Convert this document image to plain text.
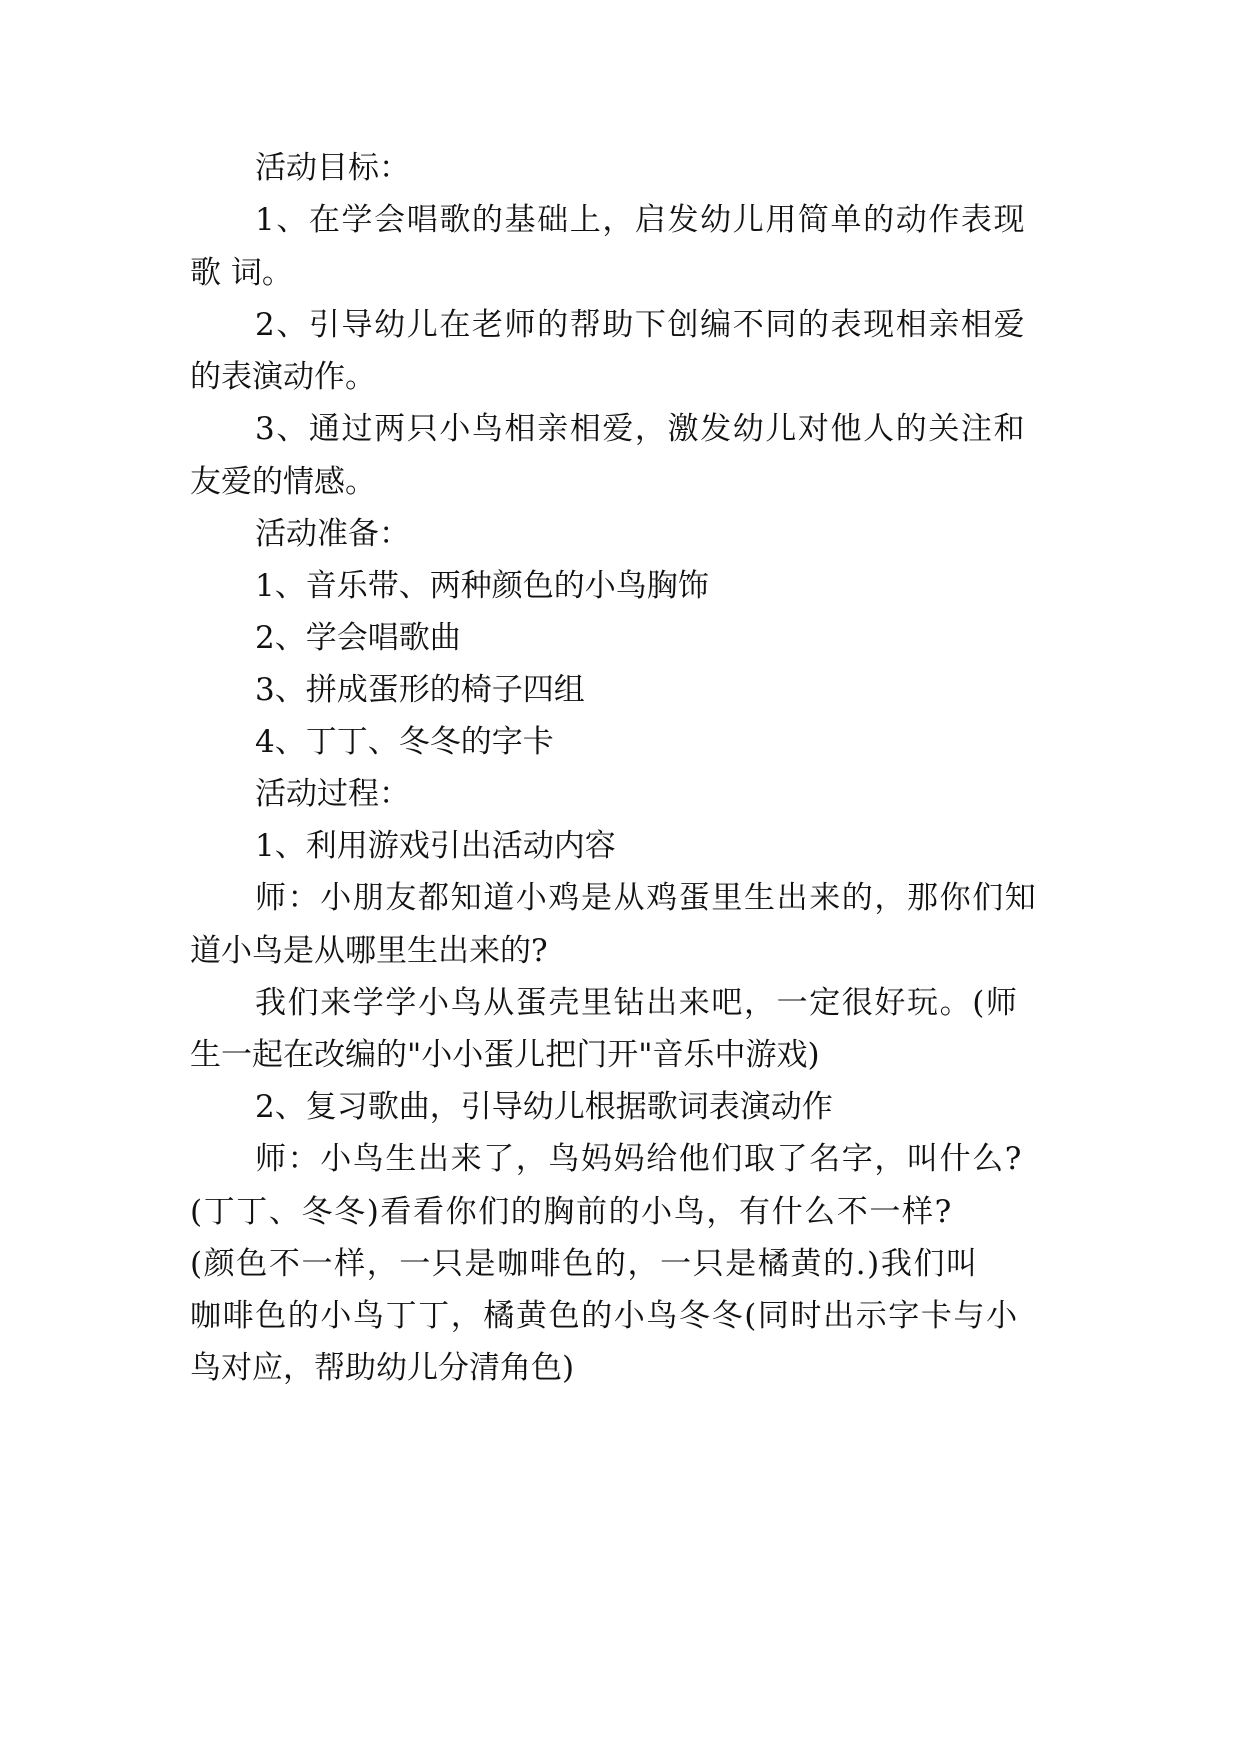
活动目标：
1、在学会唱歌的基础上，启发幼儿用简单的动作表现
歌 词。
2、引导幼儿在老师的帮助下创编不同的表现相亲相爱
的表演动作。
3、通过两只小鸟相亲相爱，激发幼儿对他人的关注和
友爱的情感。
活动准备：
1、音乐带、两种颜色的小鸟胸饰
2、学会唱歌曲
3、拼成蛋形的椅子四组
4、丁丁、冬冬的字卡
活动过程：
1、利用游戏引出活动内容
师：小朋友都知道小鸡是从鸡蛋里生出来的，那你们知
道小鸟是从哪里生出来的?
我们来学学小鸟从蛋壳里钻出来吧，一定很好玩。(师
生一起在改编的"小小蛋儿把门开"音乐中游戏)
2、复习歌曲，引导幼儿根据歌词表演动作
师：小鸟生出来了，鸟妈妈给他们取了名字，叫什么?
(丁丁、冬冬)看看你们的胸前的小鸟，有什么不一样?
(颜色不一样，一只是咖啡色的，一只是橘黄的.)我们叫
咖啡色的小鸟丁丁，橘黄色的小鸟冬冬(同时出示字卡与小
鸟对应，帮助幼儿分清角色)
